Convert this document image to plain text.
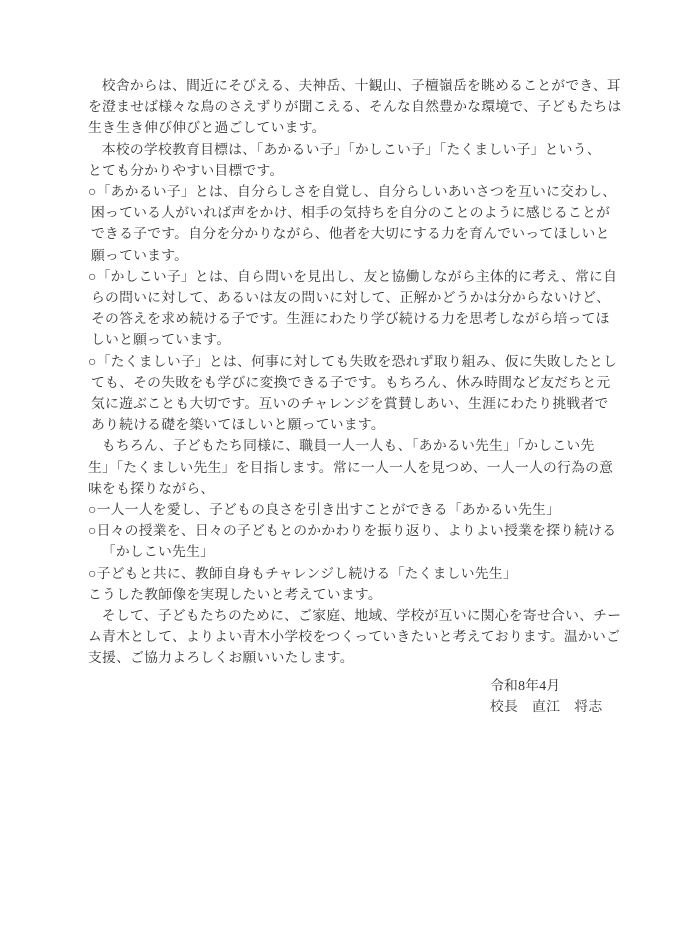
校舎からは、間近にそびえる、夫神岳、十観山、子檀嶺岳を眺めることができ、耳
を澄ませば様々な鳥のさえずりが聞こえる、そんな自然豊かな環境で、子どもたちは
生き生き伸び伸びと過ごしています。
本校の学校教育目標は、「あかるい子」「かしこい子」「たくましい子」という、
とても分かりやすい目標です。
○「あかるい子」とは、自分らしさを自覚し、自分らしいあいさつを互いに交わし、
困っている人がいれば声をかけ、相手の気持ちを自分のことのように感じることが
できる子です。自分を分かりながら、他者を大切にする力を育んでいってほしいと
願っています。
○「かしこい子」とは、自ら問いを見出し、友と協働しながら主体的に考え、常に自
らの問いに対して、あるいは友の問いに対して、正解かどうかは分からないけど、
その答えを求め続ける子です。生涯にわたり学び続ける力を思考しながら培ってほ
しいと願っています。
○「たくましい子」とは、何事に対しても失敗を恐れず取り組み、仮に失敗したとし
ても、その失敗をも学びに変換できる子です。もちろん、休み時間など友だちと元
気に遊ぶことも大切です。互いのチャレンジを賞賛しあい、生涯にわたり挑戦者で
あり続ける礎を築いてほしいと願っています。
もちろん、子どもたち同様に、職員一人一人も、「あかるい先生」「かしこい先
生」「たくましい先生」を目指します。常に一人一人を見つめ、一人一人の行為の意
味をも探りながら、
○一人一人を愛し、子どもの良さを引き出すことができる「あかるい先生」
○日々の授業を、日々の子どもとのかかわりを振り返り、よりよい授業を探り続ける
「かしこい先生」
○子どもと共に、教師自身もチャレンジし続ける「たくましい先生」
こうした教師像を実現したいと考えています。
そして、子どもたちのために、ご家庭、地域、学校が互いに関心を寄せ合い、チー
ム青木として、よりよい青木小学校をつくっていきたいと考えております。温かいご
支援、ご協力よろしくお願いいたします。
令和8年4月
校長　直江　将志
